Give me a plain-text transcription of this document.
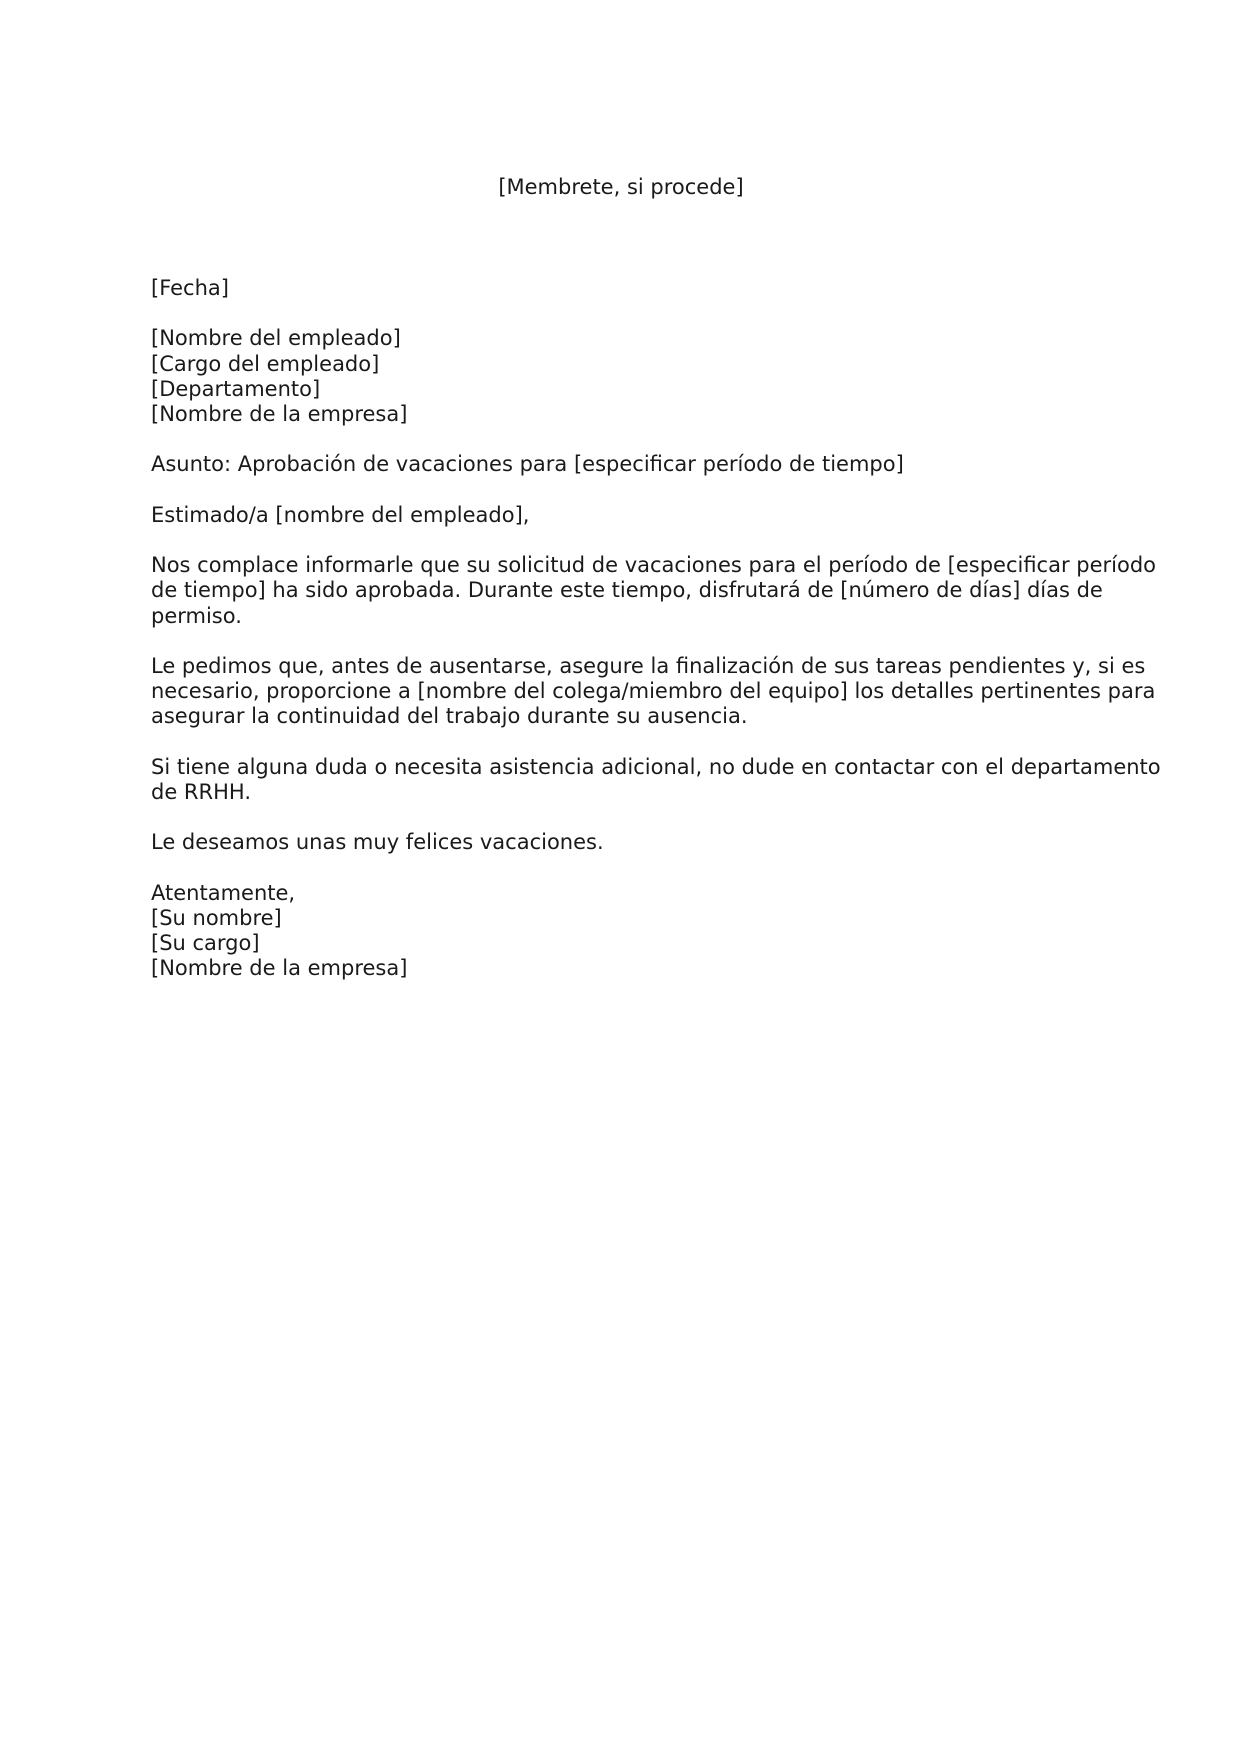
[Membrete, si procede]
[Fecha]
[Nombre del empleado]
[Cargo del empleado]
[Departamento]
[Nombre de la empresa]
Asunto: Aprobación de vacaciones para [especificar período de tiempo]
Estimado/a [nombre del empleado],
Nos complace informarle que su solicitud de vacaciones para el período de [especificar período
de tiempo] ha sido aprobada. Durante este tiempo, disfrutará de [número de días] días de
permiso.
Le pedimos que, antes de ausentarse, asegure la finalización de sus tareas pendientes y, si es
necesario, proporcione a [nombre del colega/miembro del equipo] los detalles pertinentes para
asegurar la continuidad del trabajo durante su ausencia.
Si tiene alguna duda o necesita asistencia adicional, no dude en contactar con el departamento
de RRHH.
Le deseamos unas muy felices vacaciones.
Atentamente,
[Su nombre]
[Su cargo]
[Nombre de la empresa]
